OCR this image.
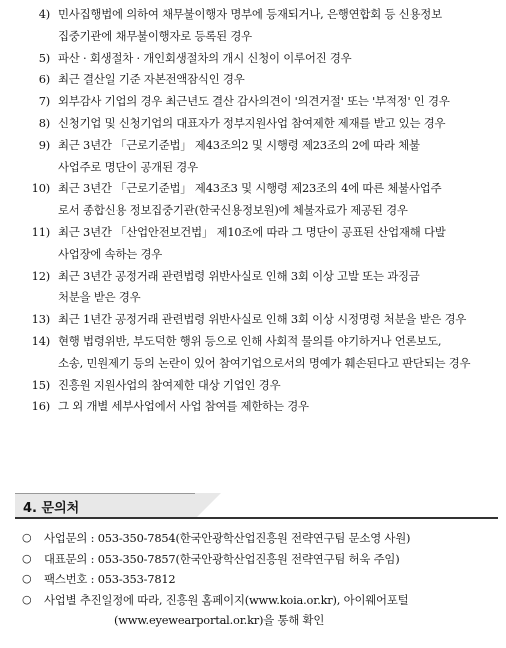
4) 민사집행법에 의하여 채무불이행자 명부에 등재되거나, 은행연합회 등 신용정보
집중기관에 채무불이행자로 등록된 경우
5) 파산 · 회생절차 · 개인회생절차의 개시 신청이 이루어진 경우
6) 최근 결산일 기준 자본전액잠식인 경우
7) 외부감사 기업의 경우 최근년도 결산 감사의견이 '의견거절' 또는 '부적정' 인 경우
8) 신청기업 및 신청기업의 대표자가 정부지원사업 참여제한 제재를 받고 있는 경우
9) 최근 3년간 「근로기준법」 제43조의2 및 시행령 제23조의 2에 따라 체불
사업주로 명단이 공개된 경우
10) 최근 3년간 「근로기준법」 제43조3 및 시행령 제23조의 4에 따른 체불사업주
로서 종합신용 정보집중기관(한국신용정보원)에 체불자료가 제공된 경우
11) 최근 3년간 「산업안전보건법」 제10조에 따라 그 명단이 공표된 산업재해 다발
사업장에 속하는 경우
12) 최근 3년간 공정거래 관련법령 위반사실로 인해 3회 이상 고발 또는 과징금
처분을 받은 경우
13) 최근 1년간 공정거래 관련법령 위반사실로 인해 3회 이상 시정명령 처분을 받은 경우
14) 현행 법령위반, 부도덕한 행위 등으로 인해 사회적 물의를 야기하거나 언론보도,
소송, 민원제기 등의 논란이 있어 참여기업으로서의 명예가 훼손된다고 판단되는 경우
15) 진흥원 지원사업의 참여제한 대상 기업인 경우
16) 그 외 개별 세부사업에서 사업 참여를 제한하는 경우
4. 문의처
○ 사업문의 : 053-350-7854(한국안광학산업진흥원 전략연구팀 문소영 사원)
○ 대표문의 : 053-350-7857(한국안광학산업진흥원 전략연구팀 허욱 주임)
○ 팩스번호 : 053-353-7812
○ 사업별 추진일정에 따라, 진흥원 홈페이지(www.koia.or.kr), 아이웨어포털
(www.eyewearportal.or.kr)을 통해 확인
